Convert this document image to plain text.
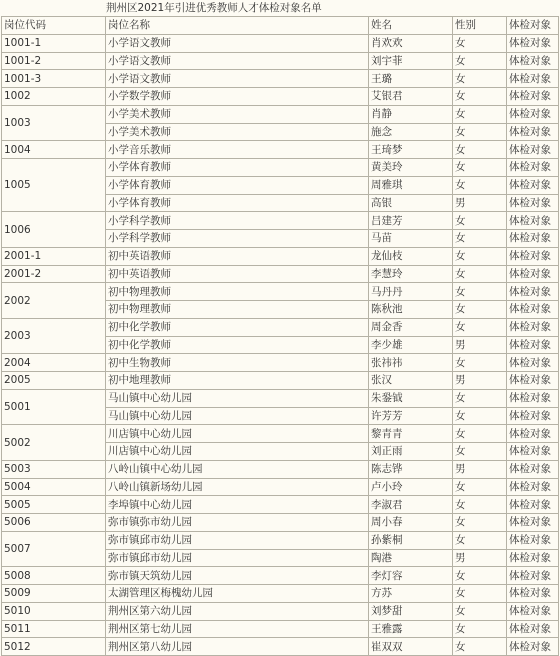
荆州区2021年引进优秀教师人才体检对象名单
岗位代码	岗位名称	姓名	性别	体检对象
1001-1	小学语文教师	肖欢欢	女	体检对象
1001-2	小学语文教师	刘宇菲	女	体检对象
1001-3	小学语文教师	王璐	女	体检对象
1002	小学数学教师	艾银君	女	体检对象
1003	小学美术教师	肖静	女	体检对象
	小学美术教师	施念	女	体检对象
1004	小学音乐教师	王琦梦	女	体检对象
1005	小学体育教师	黄美玲	女	体检对象
	小学体育教师	周雅琪	女	体检对象
	小学体育教师	高银	男	体检对象
1006	小学科学教师	吕建芳	女	体检对象
	小学科学教师	马苗	女	体检对象
2001-1	初中英语教师	龙仙枝	女	体检对象
2001-2	初中英语教师	李慧玲	女	体检对象
2002	初中物理教师	马丹丹	女	体检对象
	初中物理教师	陈秋池	女	体检对象
2003	初中化学教师	周金香	女	体检对象
	初中化学教师	李少雄	男	体检对象
2004	初中生物教师	张祎祎	女	体检对象
2005	初中地理教师	张汉	男	体检对象
5001	马山镇中心幼儿园	朱銎钺	女	体检对象
	马山镇中心幼儿园	许芳芳	女	体检对象
5002	川店镇中心幼儿园	黎青青	女	体检对象
	川店镇中心幼儿园	刘正雨	女	体检对象
5003	八岭山镇中心幼儿园	陈志铧	男	体检对象
5004	八岭山镇新场幼儿园	卢小玲	女	体检对象
5005	李埠镇中心幼儿园	李淑君	女	体检对象
5006	弥市镇弥市幼儿园	周小春	女	体检对象
5007	弥市镇邱市幼儿园	孙紫桐	女	体检对象
	弥市镇邱市幼儿园	陶港	男	体检对象
5008	弥市镇天筑幼儿园	李灯容	女	体检对象
5009	太湖管理区梅槐幼儿园	方苏	女	体检对象
5010	荆州区第六幼儿园	刘梦甜	女	体检对象
5011	荆州区第七幼儿园	王雅露	女	体检对象
5012	荆州区第八幼儿园	崔双双	女	体检对象
